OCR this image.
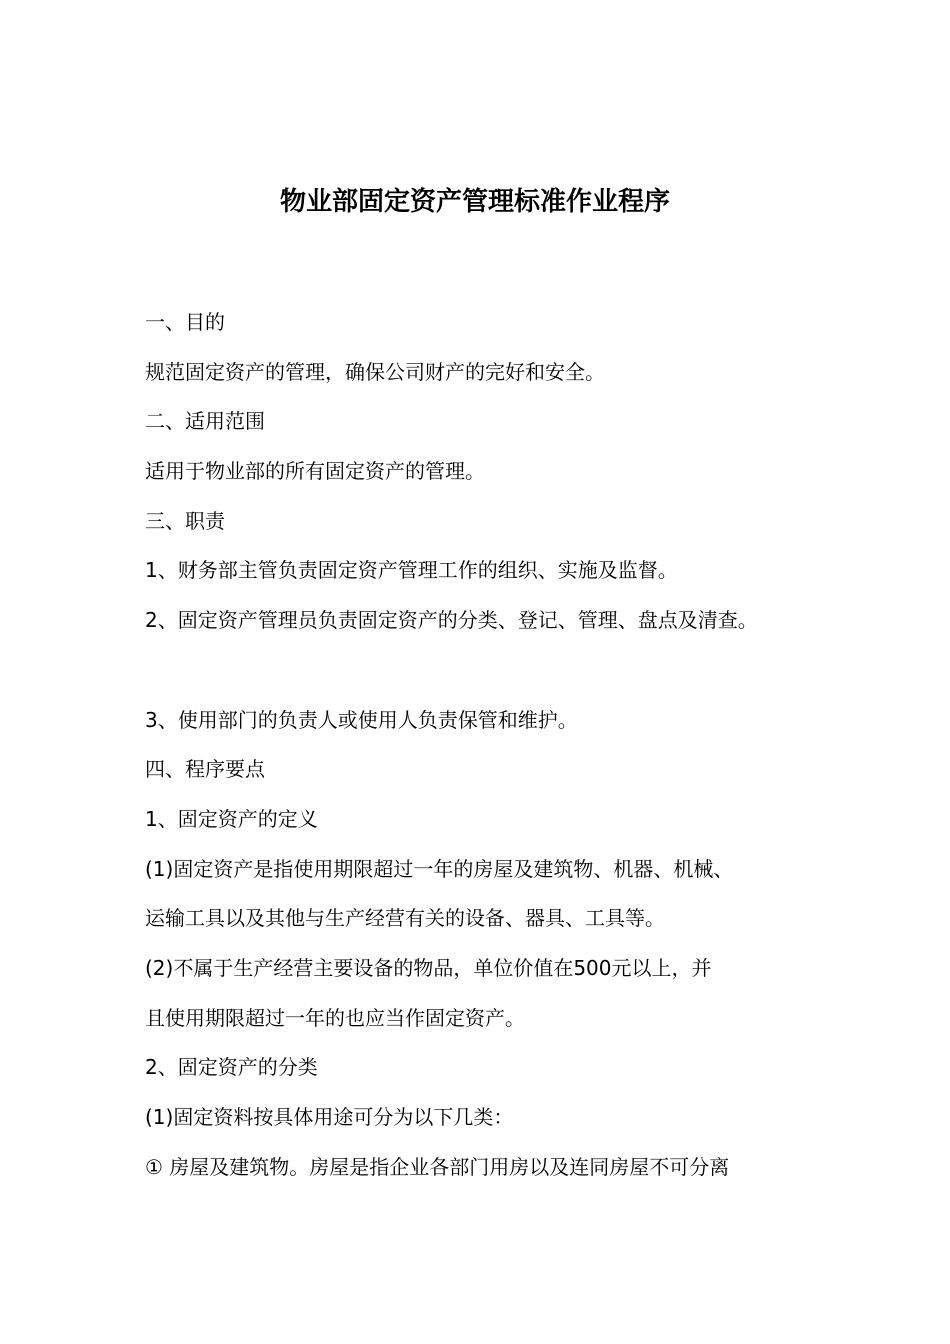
物业部固定资产管理标准作业程序
一、目的
规范固定资产的管理，确保公司财产的完好和安全。
二、适用范围
适用于物业部的所有固定资产的管理。
三、职责
1、财务部主管负责固定资产管理工作的组织、实施及监督。
2、固定资产管理员负责固定资产的分类、登记、管理、盘点及清查。
3、使用部门的负责人或使用人负责保管和维护。
四、程序要点
1、固定资产的定义
(1)固定资产是指使用期限超过一年的房屋及建筑物、机器、机械、
运输工具以及其他与生产经营有关的设备、器具、工具等。
(2)不属于生产经营主要设备的物品，单位价值在500元以上，并
且使用期限超过一年的也应当作固定资产。
2、固定资产的分类
(1)固定资料按具体用途可分为以下几类：
① 房屋及建筑物。房屋是指企业各部门用房以及连同房屋不可分离
